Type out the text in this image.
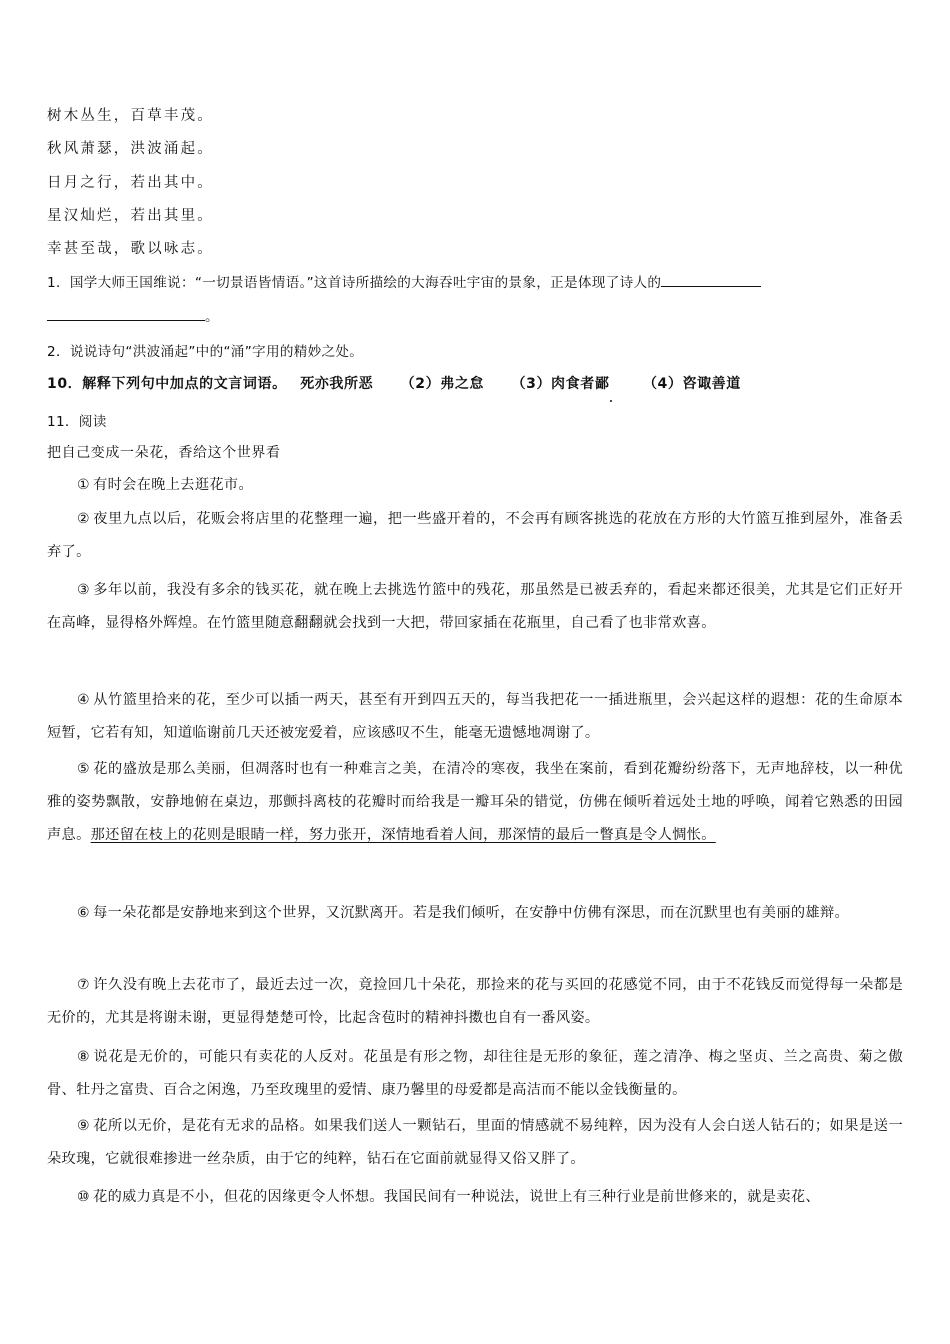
树木丛生，百草丰茂。
秋风萧瑟，洪波涌起。
日月之行，若出其中。
星汉灿烂，若出其里。
幸甚至哉，歌以咏志。
1．国学大师王国维说：“一切景语皆情语。”这首诗所描绘的大海吞吐宇宙的景象，正是体现了诗人的
。
2．说说诗句“洪波涌起”中的“涌”字用的精妙之处。
10．解释下列句中加点的文言词语。 死亦我所恶 （2）弗之怠 （3）肉食者鄙 （4）咨诹善道
11．阅读
把自己变成一朵花，香给这个世界看
① 有时会在晚上去逛花市。
② 夜里九点以后，花贩会将店里的花整理一遍，把一些盛开着的，不会再有顾客挑选的花放在方形的大竹篮互推到屋外，准备丢弃了。
③ 多年以前，我没有多余的钱买花，就在晚上去挑选竹篮中的残花，那虽然是已被丢弃的，看起来都还很美，尤其是它们正好开在高峰，显得格外辉煌。在竹篮里随意翻翻就会找到一大把，带回家插在花瓶里，自己看了也非常欢喜。
④ 从竹篮里拾来的花，至少可以插一两天，甚至有开到四五天的，每当我把花一一插进瓶里，会兴起这样的遐想：花的生命原本短暂，它若有知，知道临谢前几天还被宠爱着，应该感叹不生，能毫无遗憾地凋谢了。
⑤ 花的盛放是那么美丽，但凋落时也有一种难言之美，在清冷的寒夜，我坐在案前，看到花瓣纷纷落下，无声地辞枝，以一种优雅的姿势飘散，安静地俯在桌边，那颤抖离枝的花瓣时而给我是一瓣耳朵的错觉，仿佛在倾听着远处土地的呼唤，闻着它熟悉的田园声息。那还留在枝上的花则是眼睛一样，努力张开，深情地看着人间，那深情的最后一瞥真是令人惆怅。
⑥ 每一朵花都是安静地来到这个世界，又沉默离开。若是我们倾听，在安静中仿佛有深思，而在沉默里也有美丽的雄辩。
⑦ 许久没有晚上去花市了，最近去过一次，竟捡回几十朵花，那捡来的花与买回的花感觉不同，由于不花钱反而觉得每一朵都是无价的，尤其是将谢未谢，更显得楚楚可怜，比起含苞时的精神抖擞也自有一番风姿。
⑧ 说花是无价的，可能只有卖花的人反对。花虽是有形之物，却往往是无形的象征，莲之清净、梅之坚贞、兰之高贵、菊之傲骨、牡丹之富贵、百合之闲逸，乃至玫瑰里的爱情、康乃馨里的母爱都是高洁而不能以金钱衡量的。
⑨ 花所以无价，是花有无求的品格。如果我们送人一颗钻石，里面的情感就不易纯粹，因为没有人会白送人钻石的；如果是送一朵玫瑰，它就很难掺进一丝杂质，由于它的纯粹，钻石在它面前就显得又俗又胖了。
⑩ 花的威力真是不小，但花的因缘更令人怀想。我国民间有一种说法，说世上有三种行业是前世修来的，就是卖花、
